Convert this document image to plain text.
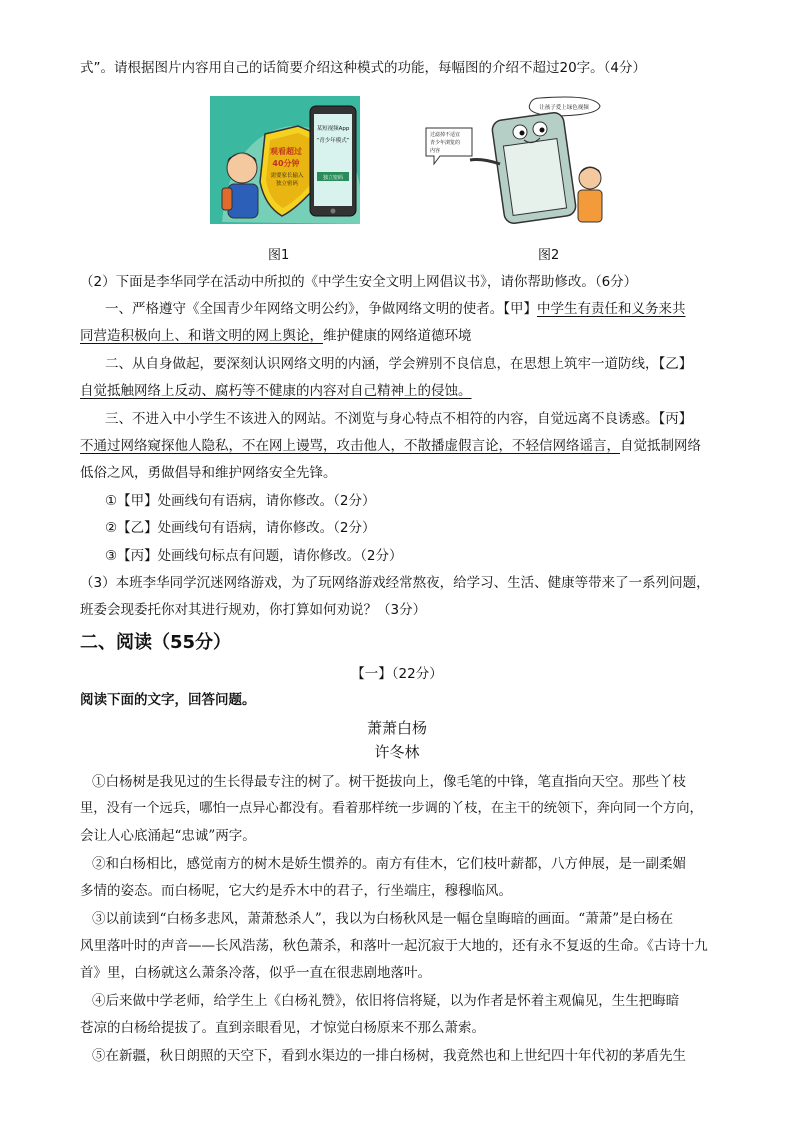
式”。请根据图片内容用自己的话简要介绍这种模式的功能，每幅图的介绍不超过20字。（4分）
观看超过
40分钟
需要家长输入
独立密码
某短视频App
“青少年模式”
独立密码
图1
让孩子爱上绿色视频
过滤掉不适宜
青少年浏览的
内容
图2
（2）下面是李华同学在活动中所拟的《中学生安全文明上网倡议书》，请你帮助修改。（6分）
一、严格遵守《全国青少年网络文明公约》，争做网络文明的使者。【甲】中学生有责任和义务来共
同营造积极向上、和谐文明的网上舆论，维护健康的网络道德环境
二、从自身做起，要深刻认识网络文明的内涵，学会辨别不良信息，在思想上筑牢一道防线，【乙】
自觉抵触网络上反动、腐朽等不健康的内容对自己精神上的侵蚀。
三、不进入中小学生不该进入的网站。不浏览与身心特点不相符的内容，自觉远离不良诱惑。【丙】
不通过网络窥探他人隐私，不在网上谩骂，攻击他人，不散播虚假言论，不轻信网络谣言，自觉抵制网络
低俗之风，勇做倡导和维护网络安全先锋。
①【甲】处画线句有语病，请你修改。（2分）
②【乙】处画线句有语病，请你修改。（2分）
③【丙】处画线句标点有问题，请你修改。（2分）
（3）本班李华同学沉迷网络游戏，为了玩网络游戏经常熬夜，给学习、生活、健康等带来了一系列问题，
班委会现委托你对其进行规劝，你打算如何劝说？（3分）
二、阅读（55分）
【一】（22分）
阅读下面的文字，回答问题。
萧萧白杨
许冬林
①白杨树是我见过的生长得最专注的树了。树干挺拔向上，像毛笔的中锋，笔直指向天空。那些丫枝
里，没有一个远兵，哪怕一点异心都没有。看着那样统一步调的丫枝，在主干的统领下，奔向同一个方向，
会让人心底涌起“忠诚”两字。
②和白杨相比，感觉南方的树木是娇生惯养的。南方有佳木，它们枝叶薪都，八方伸展，是一副柔媚
多情的姿态。而白杨呢，它大约是乔木中的君子，行坐端庄，穆穆临风。
③以前读到“白杨多悲风，萧萧愁杀人”，我以为白杨秋风是一幅仓皇晦暗的画面。“萧萧”是白杨在
风里落叶时的声音——长风浩荡，秋色萧杀，和落叶一起沉寂于大地的，还有永不复返的生命。《古诗十九
首》里，白杨就这么萧条冷落，似乎一直在很悲剧地落叶。
④后来做中学老师，给学生上《白杨礼赞》，依旧将信将疑，以为作者是怀着主观偏见，生生把晦暗
苍凉的白杨给提拔了。直到亲眼看见，才惊觉白杨原来不那么萧索。
⑤在新疆，秋日朗照的天空下，看到水渠边的一排白杨树，我竟然也和上世纪四十年代初的茅盾先生
